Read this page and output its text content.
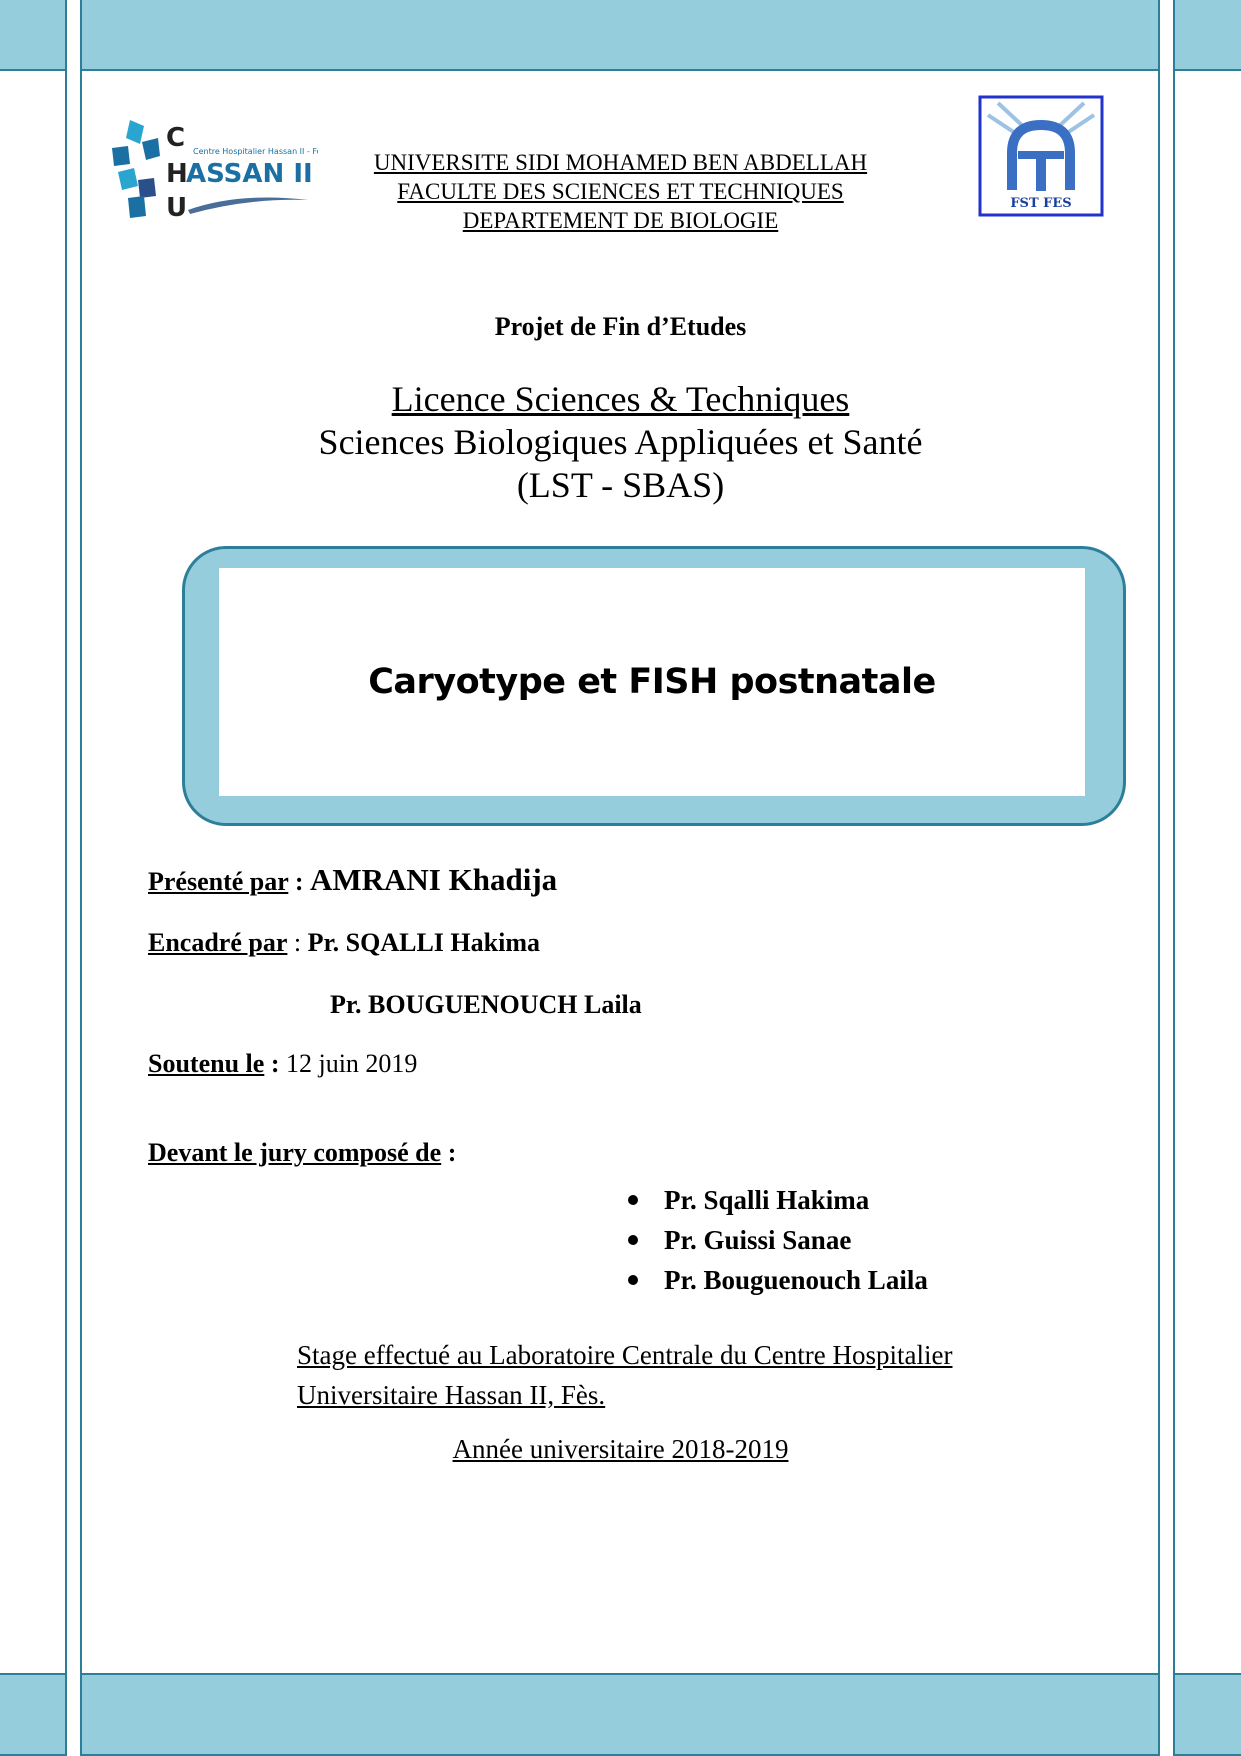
C
H
ASSAN II
U
Centre Hospitalier Hassan II - Fès	UNIVERSITE SIDI MOHAMED BEN ABDELLAH
FACULTE DES SCIENCES ET TECHNIQUES
DEPARTEMENT DE BIOLOGIE
FST FES
Projet de Fin d’Etudes
Licence Sciences & Techniques
Sciences Biologiques Appliquées et Santé
(LST - SBAS)
Caryotype et FISH postnatale
Présenté par : AMRANI Khadija
Encadré par : Pr. SQALLI Hakima
Pr. BOUGUENOUCH Laila
Soutenu le : 12 juin 2019
Devant le jury composé de :
Pr. Sqalli Hakima
Pr. Guissi Sanae
Pr. Bouguenouch Laila
Stage effectué au Laboratoire Centrale du Centre Hospitalier
Universitaire Hassan II, Fès.
Année universitaire 2018-2019
